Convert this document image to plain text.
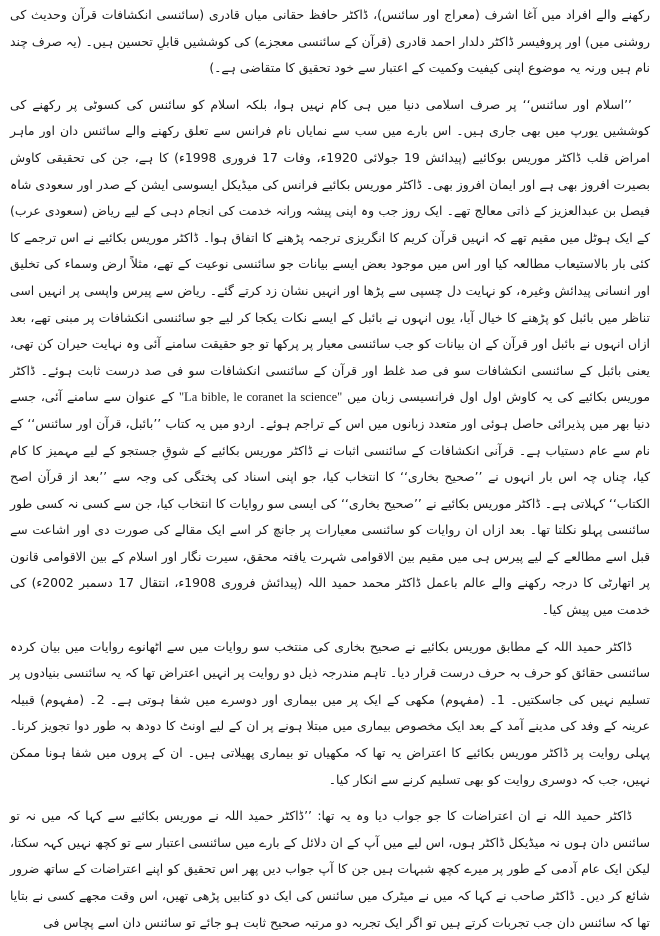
رکھنے والے افراد میں آغا اشرف (معراج اور سائنس)، ڈاکٹر حافظ حقانی میاں قادری (سائنسی انکشافات قرآن وحدیث کی روشنی میں) اور پروفیسر ڈاکٹر دلدار احمد قادری (قرآن کے سائنسی معجزے) کی کوششیں قابلِ تحسین ہیں۔ (یہ صرف چند نام ہیں ورنہ یہ موضوع اپنی کیفیت وکمیت کے اعتبار سے خود تحقیق کا متقاضی ہے۔)

’’اسلام اور سائنس‘‘ پر صرف اسلامی دنیا میں ہی کام نہیں ہوا، بلکہ اسلام کو سائنس کی کسوٹی پر رکھنے کی کوششیں یورپ میں بھی جاری ہیں۔ اس بارے میں سب سے نمایاں نام فرانس سے تعلق رکھنے والے سائنس دان اور ماہر امراض قلب ڈاکٹر موریس بوکائیے (پیدائش 19 جولائی 1920ء، وفات 17 فروری 1998ء) کا ہے، جن کی تحقیقی کاوش بصیرت افروز بھی ہے اور ایمان افروز بھی۔ ڈاکٹر موریس بکائیے فرانس کی میڈیکل ایسوسی ایشن کے صدر اور سعودی شاہ فیصل بن عبدالعزیز کے ذاتی معالج تھے۔ ایک روز جب وہ اپنی پیشہ ورانہ خدمت کی انجام دہی کے لیے ریاض (سعودی عرب) کے ایک ہوٹل میں مقیم تھے کہ انہیں قرآن کریم کا انگریزی ترجمہ پڑھنے کا اتفاق ہوا۔ ڈاکٹر موریس بکائیے نے اس ترجمے کا کئی بار بالاستیعاب مطالعہ کیا اور اس میں موجود بعض ایسے بیانات جو سائنسی نوعیت کے تھے، مثلاً ارض وسماء کی تخلیق اور انسانی پیدائش وغیرہ، کو نہایت دل چسپی سے پڑھا اور انہیں نشان زد کرتے گئے۔ ریاض سے پیرس واپسی پر انہیں اسی تناظر میں بائبل کو پڑھنے کا خیال آیا، یوں انہوں نے بائبل کے ایسے نکات یکجا کر لیے جو سائنسی انکشافات پر مبنی تھے، بعد ازاں انہوں نے بائبل اور قرآن کے ان بیانات کو جب سائنسی معیار پر پرکھا تو جو حقیقت سامنے آئی وہ نہایت حیران کن تھی، یعنی بائبل کے سائنسی انکشافات سو فی صد غلط اور قرآن کے سائنسی انکشافات سو فی صد درست ثابت ہوئے۔ ڈاکٹر موریس بکائیے کی یہ کاوش اول اول فرانسیسی زبان میں "La bible, le coranet la science" کے عنوان سے سامنے آئی، جسے دنیا بھر میں پذیرائی حاصل ہوئی اور متعدد زبانوں میں اس کے تراجم ہوئے۔ اردو میں یہ کتاب ’’بائبل، قرآن اور سائنس‘‘ کے نام سے عام دستیاب ہے۔ قرآنی انکشافات کے سائنسی اثبات نے ڈاکٹر موریس بکائیے کے شوقِ جستجو کے لیے مہمیز کا کام کیا، چناں چہ اس بار انہوں نے ’’صحیح بخاری‘‘ کا انتخاب کیا، جو اپنی اسناد کی پختگی کی وجہ سے ’’بعد از قرآن اصح الکتاب‘‘ کہلاتی ہے۔ ڈاکٹر موریس بکائیے نے ’’صحیح بخاری‘‘ کی ایسی سو روایات کا انتخاب کیا، جن سے کسی نہ کسی طور سائنسی پہلو نکلتا تھا۔ بعد ازاں ان روایات کو سائنسی معیارات پر جانچ کر اسے ایک مقالے کی صورت دی اور اشاعت سے قبل اسے مطالعے کے لیے پیرس ہی میں مقیم بین الاقوامی شہرت یافتہ محقق، سیرت نگار اور اسلام کے بین الاقوامی قانون پر اتھارٹی کا درجہ رکھنے والے عالم باعمل ڈاکٹر محمد حمید اللہ (پیدائش فروری 1908ء، انتقال 17 دسمبر 2002ء) کی خدمت میں پیش کیا۔

ڈاکٹر حمید اللہ کے مطابق موریس بکائیے نے صحیح بخاری کی منتخب سو روایات میں سے اٹھانوے روایات میں بیان کردہ سائنسی حقائق کو حرف بہ حرف درست قرار دیا۔ تاہم مندرجہ ذیل دو روایت پر انہیں اعتراض تھا کہ یہ سائنسی بنیادوں پر تسلیم نہیں کی جاسکتیں۔ 1۔ (مفہوم) مکھی کے ایک پر میں بیماری اور دوسرے میں شفا ہوتی ہے۔ 2۔ (مفہوم) قبیلہ عرینہ کے وفد کی مدینے آمد کے بعد ایک مخصوص بیماری میں مبتلا ہونے پر ان کے لیے اونٹ کا دودھ بہ طور دوا تجویز کرنا۔ پہلی روایت پر ڈاکٹر موریس بکائیے کا اعتراض یہ تھا کہ مکھیاں تو بیماری پھیلاتی ہیں۔ ان کے پروں میں شفا ہونا ممکن نہیں، جب کہ دوسری روایت کو بھی تسلیم کرنے سے انکار کیا۔

ڈاکٹر حمید اللہ نے ان اعتراضات کا جو جواب دیا وہ یہ تھا: ’’ڈاکٹر حمید اللہ نے موریس بکائیے سے کہا کہ میں نہ تو سائنس دان ہوں نہ میڈیکل ڈاکٹر ہوں، اس لیے میں آپ کے ان دلائل کے بارے میں سائنسی اعتبار سے تو کچھ نہیں کہہ سکتا، لیکن ایک عام آدمی کے طور پر میرے کچھ شبہات ہیں جن کا آپ جواب دیں پھر اس تحقیق کو اپنے اعتراضات کے ساتھ ضرور شائع کر دیں۔ ڈاکٹر صاحب نے کہا کہ میں نے میٹرک میں سائنس کی ایک دو کتابیں پڑھی تھیں، اس وقت مجھے کسی نے بتایا تھا کہ سائنس دان جب تجربات کرتے ہیں تو اگر ایک تجربہ دو مرتبہ صحیح ثابت ہو جائے تو سائنس دان اسے پچاس فی
